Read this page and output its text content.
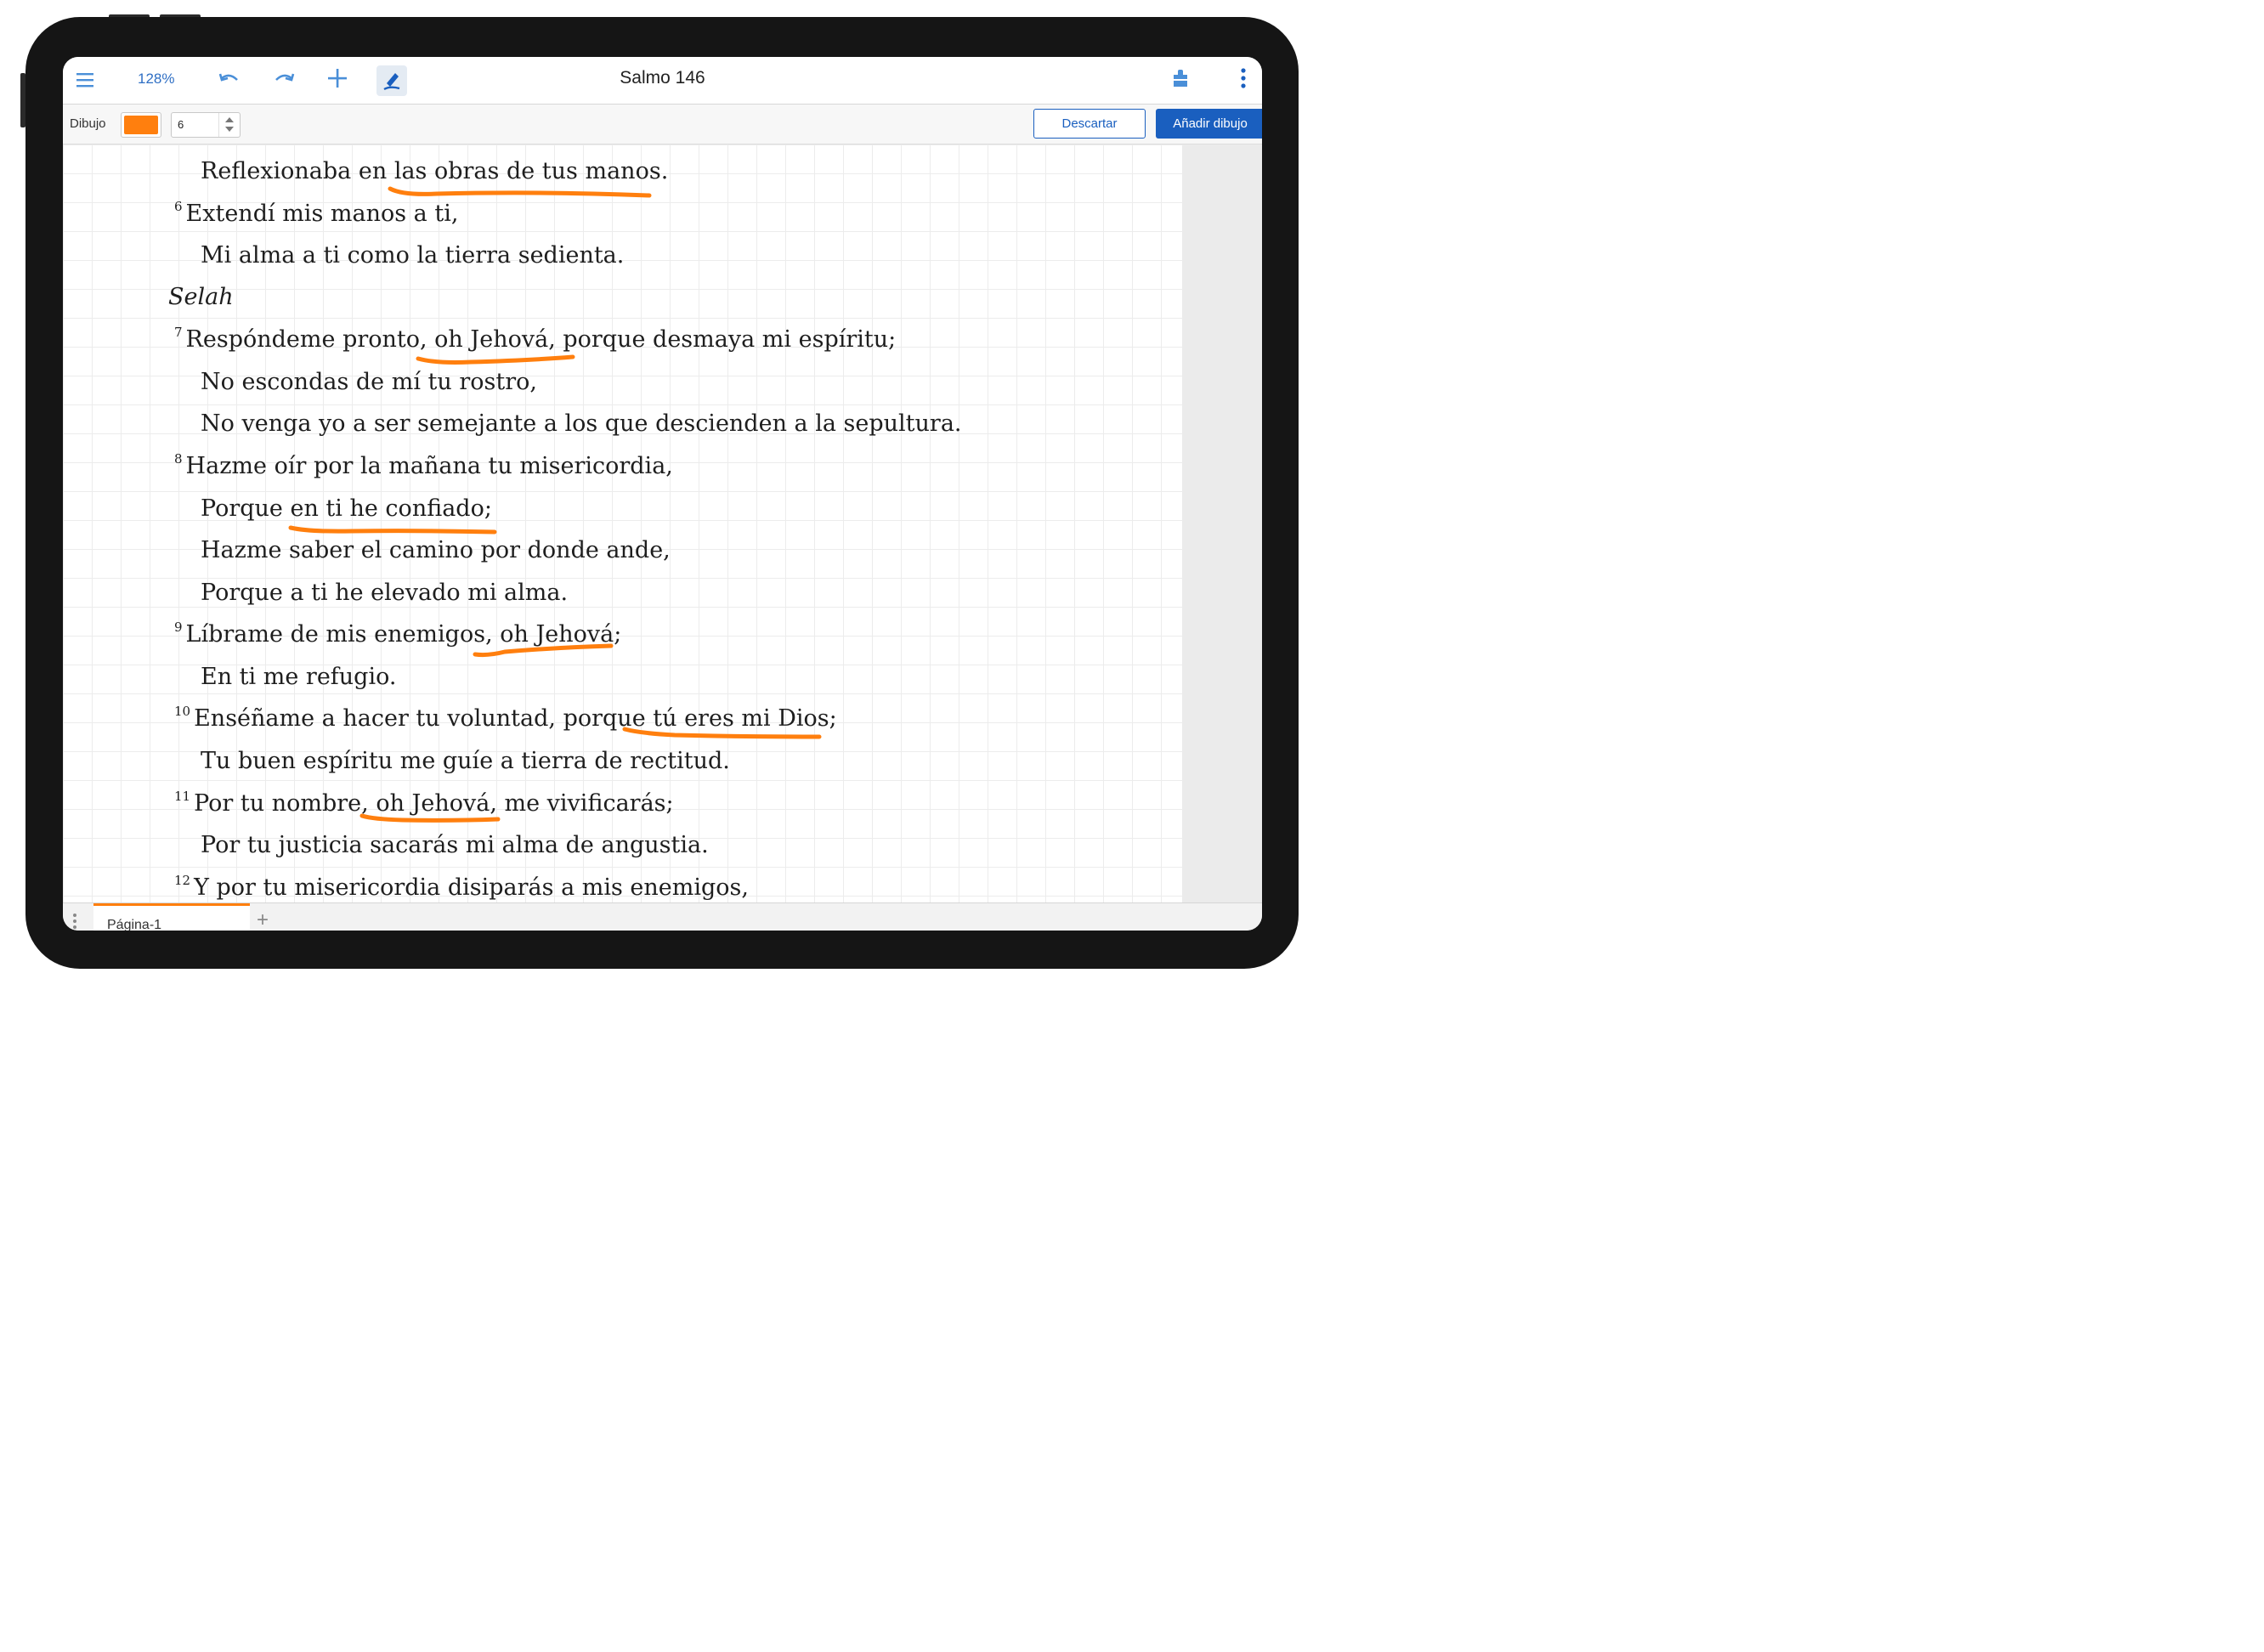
128%	Salmo 146
Dibujo	6	Descartar	Añadir dibujo
Reflexionaba en las obras de tus manos.
$^6$ Extendí mis manos a ti,
Mi alma a ti como la tierra sedienta.
Selah
$^7$ Respóndeme pronto, oh Jehová, porque desmaya mi espíritu;
No escondas de mí tu rostro,
No venga yo a ser semejante a los que descienden a la sepultura.
$^8$ Hazme oír por la mañana tu misericordia,
Porque en ti he confiado;
Hazme saber el camino por donde ande,
Porque a ti he elevado mi alma.
$^9$ Líbrame de mis enemigos, oh Jehová;
En ti me refugio.
$^{10}$ Enséñame a hacer tu voluntad, porque tú eres mi Dios;
Tu buen espíritu me guíe a tierra de rectitud.
$^{11}$ Por tu nombre, oh Jehová, me vivificarás;
Por tu justicia sacarás mi alma de angustia.
$^{12}$ Y por tu misericordia disiparás a mis enemigos,
Página-1	+
